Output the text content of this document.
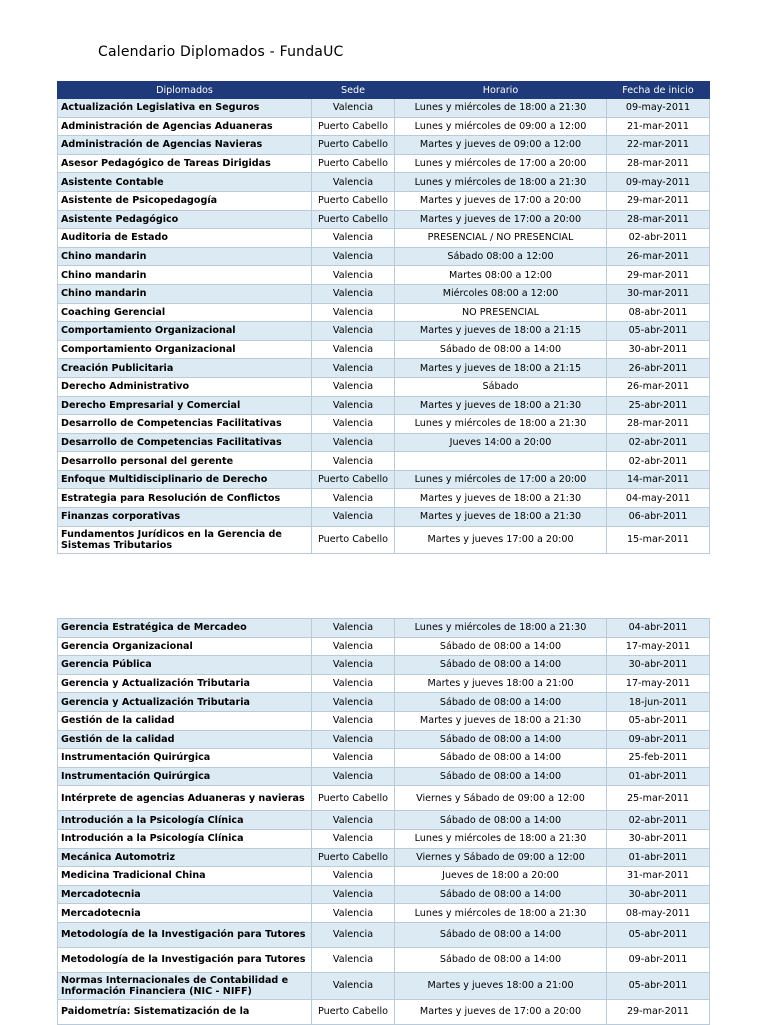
Calendario Diplomados - FundaUC
Diplomados	Sede	Horario	Fecha de inicio
Actualización Legislativa en Seguros	Valencia	Lunes y miércoles de 18:00 a 21:30	09-may-2011
Administración de Agencias Aduaneras	Puerto Cabello	Lunes y miércoles de 09:00 a 12:00	21-mar-2011
Administración de Agencias Navieras	Puerto Cabello	Martes y jueves de 09:00 a 12:00	22-mar-2011
Asesor Pedagógico de Tareas Dirigidas	Puerto Cabello	Lunes y miércoles de 17:00 a 20:00	28-mar-2011
Asistente Contable	Valencia	Lunes y miércoles de 18:00 a 21:30	09-may-2011
Asistente de Psicopedagogía	Puerto Cabello	Martes y jueves de 17:00 a 20:00	29-mar-2011
Asistente Pedagógico	Puerto Cabello	Martes y jueves de 17:00 a 20:00	28-mar-2011
Auditoria de Estado	Valencia	PRESENCIAL / NO PRESENCIAL	02-abr-2011
Chino mandarin	Valencia	Sábado 08:00 a 12:00	26-mar-2011
Chino mandarin	Valencia	Martes 08:00 a 12:00	29-mar-2011
Chino mandarin	Valencia	Miércoles 08:00 a 12:00	30-mar-2011
Coaching Gerencial	Valencia	NO PRESENCIAL	08-abr-2011
Comportamiento Organizacional	Valencia	Martes y jueves de 18:00 a 21:15	05-abr-2011
Comportamiento Organizacional	Valencia	Sábado de 08:00 a 14:00	30-abr-2011
Creación Publicitaria	Valencia	Martes y jueves de 18:00 a 21:15	26-abr-2011
Derecho Administrativo	Valencia	Sábado	26-mar-2011
Derecho Empresarial y Comercial	Valencia	Martes y jueves de 18:00 a 21:30	25-abr-2011
Desarrollo de Competencias Facilitativas	Valencia	Lunes y miércoles de 18:00 a 21:30	28-mar-2011
Desarrollo de Competencias Facilitativas	Valencia	Jueves 14:00 a 20:00	02-abr-2011
Desarrollo personal del gerente	Valencia		02-abr-2011
Enfoque Multidisciplinario de Derecho	Puerto Cabello	Lunes y miércoles de 17:00 a 20:00	14-mar-2011
Estrategia para Resolución de Conflictos	Valencia	Martes y jueves de 18:00 a 21:30	04-may-2011
Finanzas corporativas	Valencia	Martes y jueves de 18:00 a 21:30	06-abr-2011
Fundamentos Jurídicos en la Gerencia de Sistemas Tributarios	Puerto Cabello	Martes y jueves 17:00 a 20:00	15-mar-2011
Gerencia Estratégica de Mercadeo	Valencia	Lunes y miércoles de 18:00 a 21:30	04-abr-2011
Gerencia Organizacional	Valencia	Sábado de 08:00 a 14:00	17-may-2011
Gerencia Pública	Valencia	Sábado de 08:00 a 14:00	30-abr-2011
Gerencia y Actualización Tributaria	Valencia	Martes y jueves 18:00 a 21:00	17-may-2011
Gerencia y Actualización Tributaria	Valencia	Sábado de 08:00 a 14:00	18-jun-2011
Gestión de la calidad	Valencia	Martes y jueves de 18:00 a 21:30	05-abr-2011
Gestión de la calidad	Valencia	Sábado de 08:00 a 14:00	09-abr-2011
Instrumentación Quirúrgica	Valencia	Sábado de 08:00 a 14:00	25-feb-2011
Instrumentación Quirúrgica	Valencia	Sábado de 08:00 a 14:00	01-abr-2011
Intérprete de agencias Aduaneras y navieras	Puerto Cabello	Viernes y Sábado de 09:00 a 12:00	25-mar-2011
Introdución a la Psicología Clínica	Valencia	Sábado de 08:00 a 14:00	02-abr-2011
Introdución a la Psicología Clínica	Valencia	Lunes y miércoles de 18:00 a 21:30	30-abr-2011
Mecánica Automotriz	Puerto Cabello	Viernes y Sábado de 09:00 a 12:00	01-abr-2011
Medicina Tradicional China	Valencia	Jueves de 18:00 a 20:00	31-mar-2011
Mercadotecnia	Valencia	Sábado de 08:00 a 14:00	30-abr-2011
Mercadotecnia	Valencia	Lunes y miércoles de 18:00 a 21:30	08-may-2011
Metodología de la Investigación para Tutores	Valencia	Sábado de 08:00 a 14:00	05-abr-2011
Metodología de la Investigación para Tutores	Valencia	Sábado de 08:00 a 14:00	09-abr-2011
Normas Internacionales de Contabilidad e Información Financiera (NIC - NIFF)	Valencia	Martes y jueves 18:00 a 21:00	05-abr-2011
Paidometría: Sistematización de la	Puerto Cabello	Martes y jueves de 17:00 a 20:00	29-mar-2011
